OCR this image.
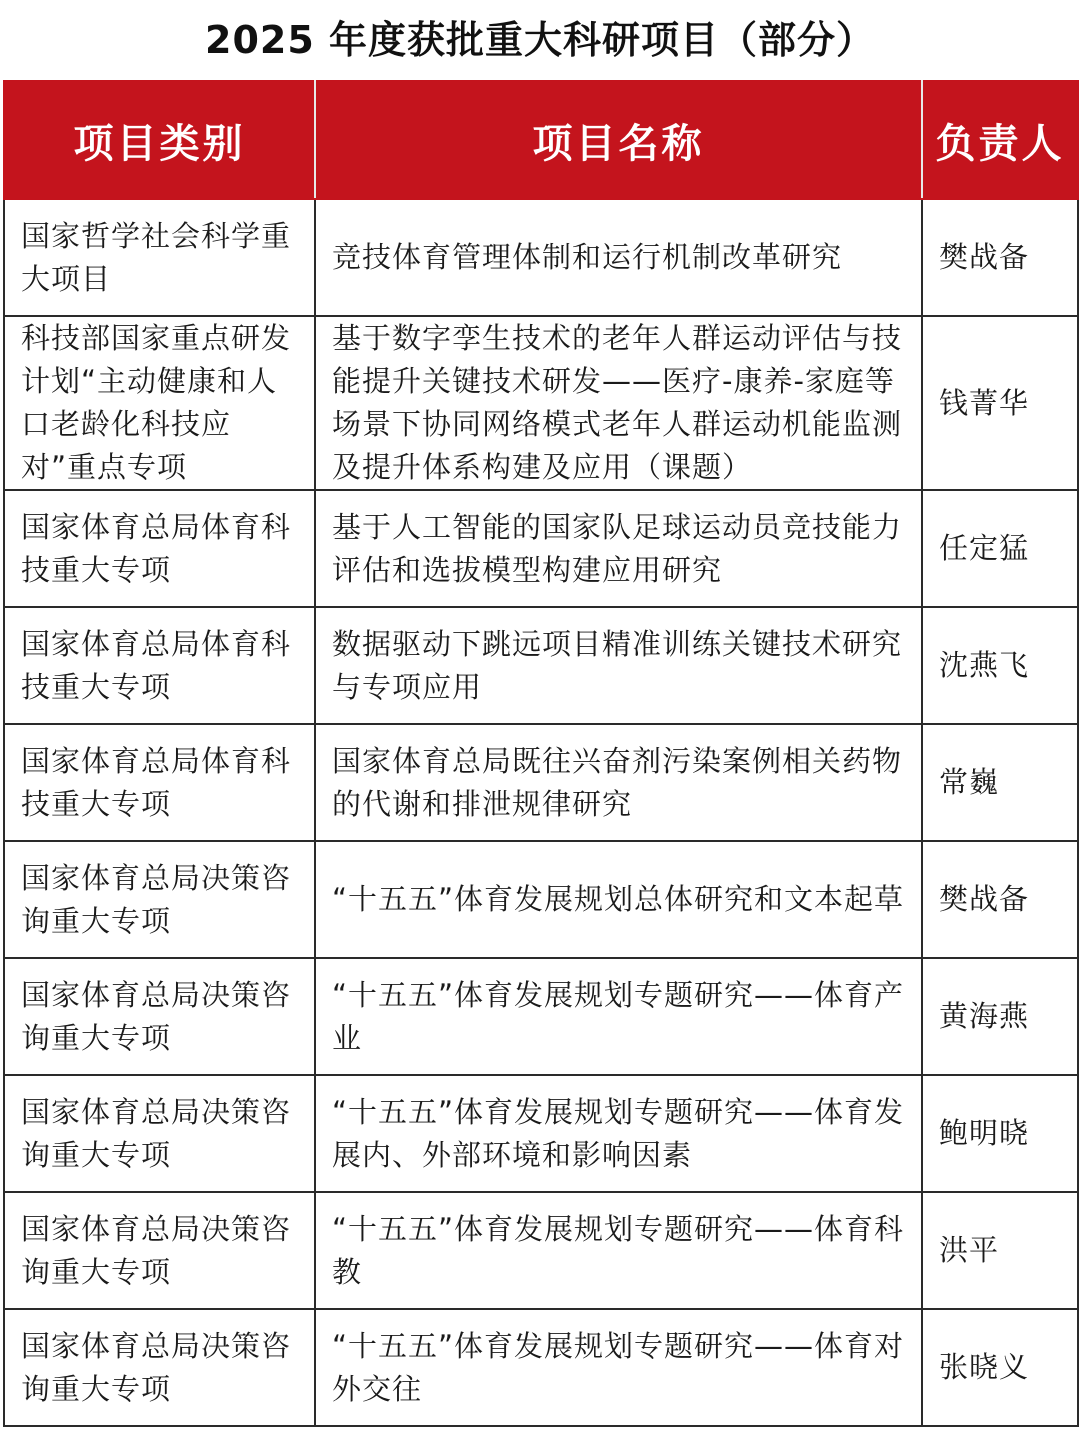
2025 年度获批重大科研项目（部分）
项目类别	项目名称	负责人
国家哲学社会科学重大项目	竞技体育管理体制和运行机制改革研究	樊战备
科技部国家重点研发计划“主动健康和人口老龄化科技应对”重点专项	基于数字孪生技术的老年人群运动评估与技能提升关键技术研发——医疗-康养-家庭等场景下协同网络模式老年人群运动机能监测及提升体系构建及应用（课题）	钱菁华
国家体育总局体育科技重大专项	基于人工智能的国家队足球运动员竞技能力评估和选拔模型构建应用研究	任定猛
国家体育总局体育科技重大专项	数据驱动下跳远项目精准训练关键技术研究与专项应用	沈燕飞
国家体育总局体育科技重大专项	国家体育总局既往兴奋剂污染案例相关药物的代谢和排泄规律研究	常巍
国家体育总局决策咨询重大专项	“十五五”体育发展规划总体研究和文本起草	樊战备
国家体育总局决策咨询重大专项	“十五五”体育发展规划专题研究——体育产业	黄海燕
国家体育总局决策咨询重大专项	“十五五”体育发展规划专题研究——体育发展内、外部环境和影响因素	鲍明晓
国家体育总局决策咨询重大专项	“十五五”体育发展规划专题研究——体育科教	洪平
国家体育总局决策咨询重大专项	“十五五”体育发展规划专题研究——体育对外交往	张晓义
